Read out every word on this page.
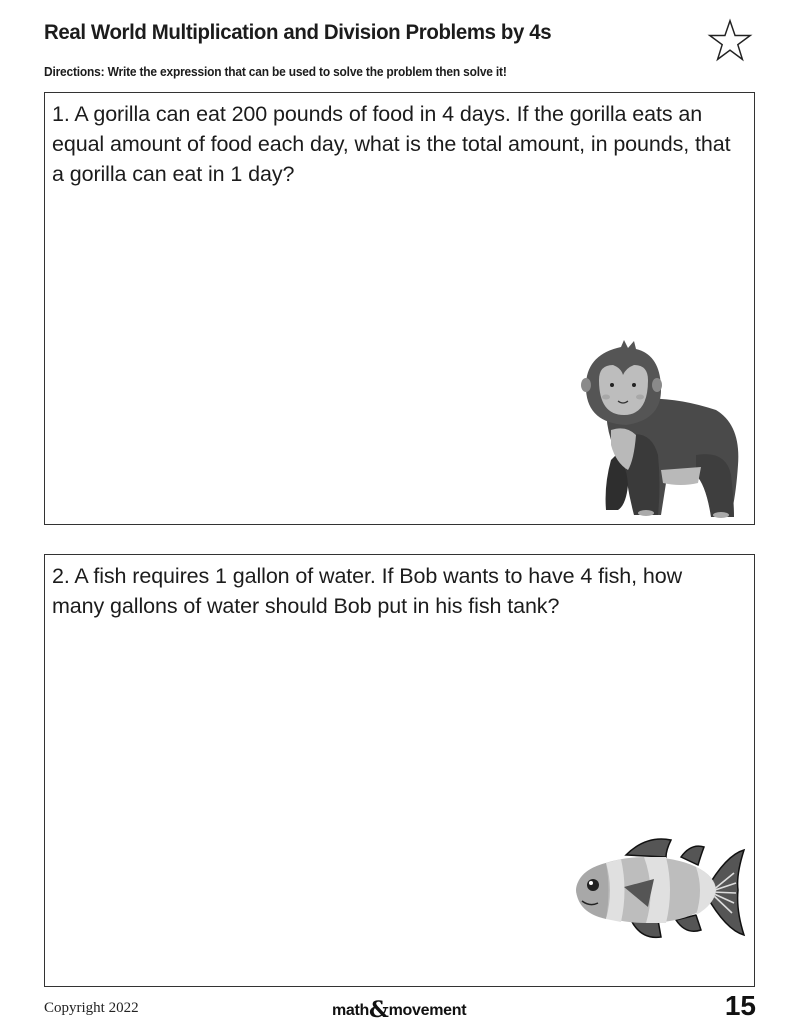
Real World Multiplication and Division Problems by 4s
Directions: Write the expression that can be used to solve the problem then solve it!
1. A gorilla can eat 200 pounds of food in 4 days. If the gorilla eats an equal amount of food each day, what is the total amount, in pounds, that a gorilla can eat in 1 day?
2. A fish requires 1 gallon of water. If Bob wants to have 4 fish, how many gallons of water should Bob put in his fish tank?
Copyright 2022	math&movement	15
